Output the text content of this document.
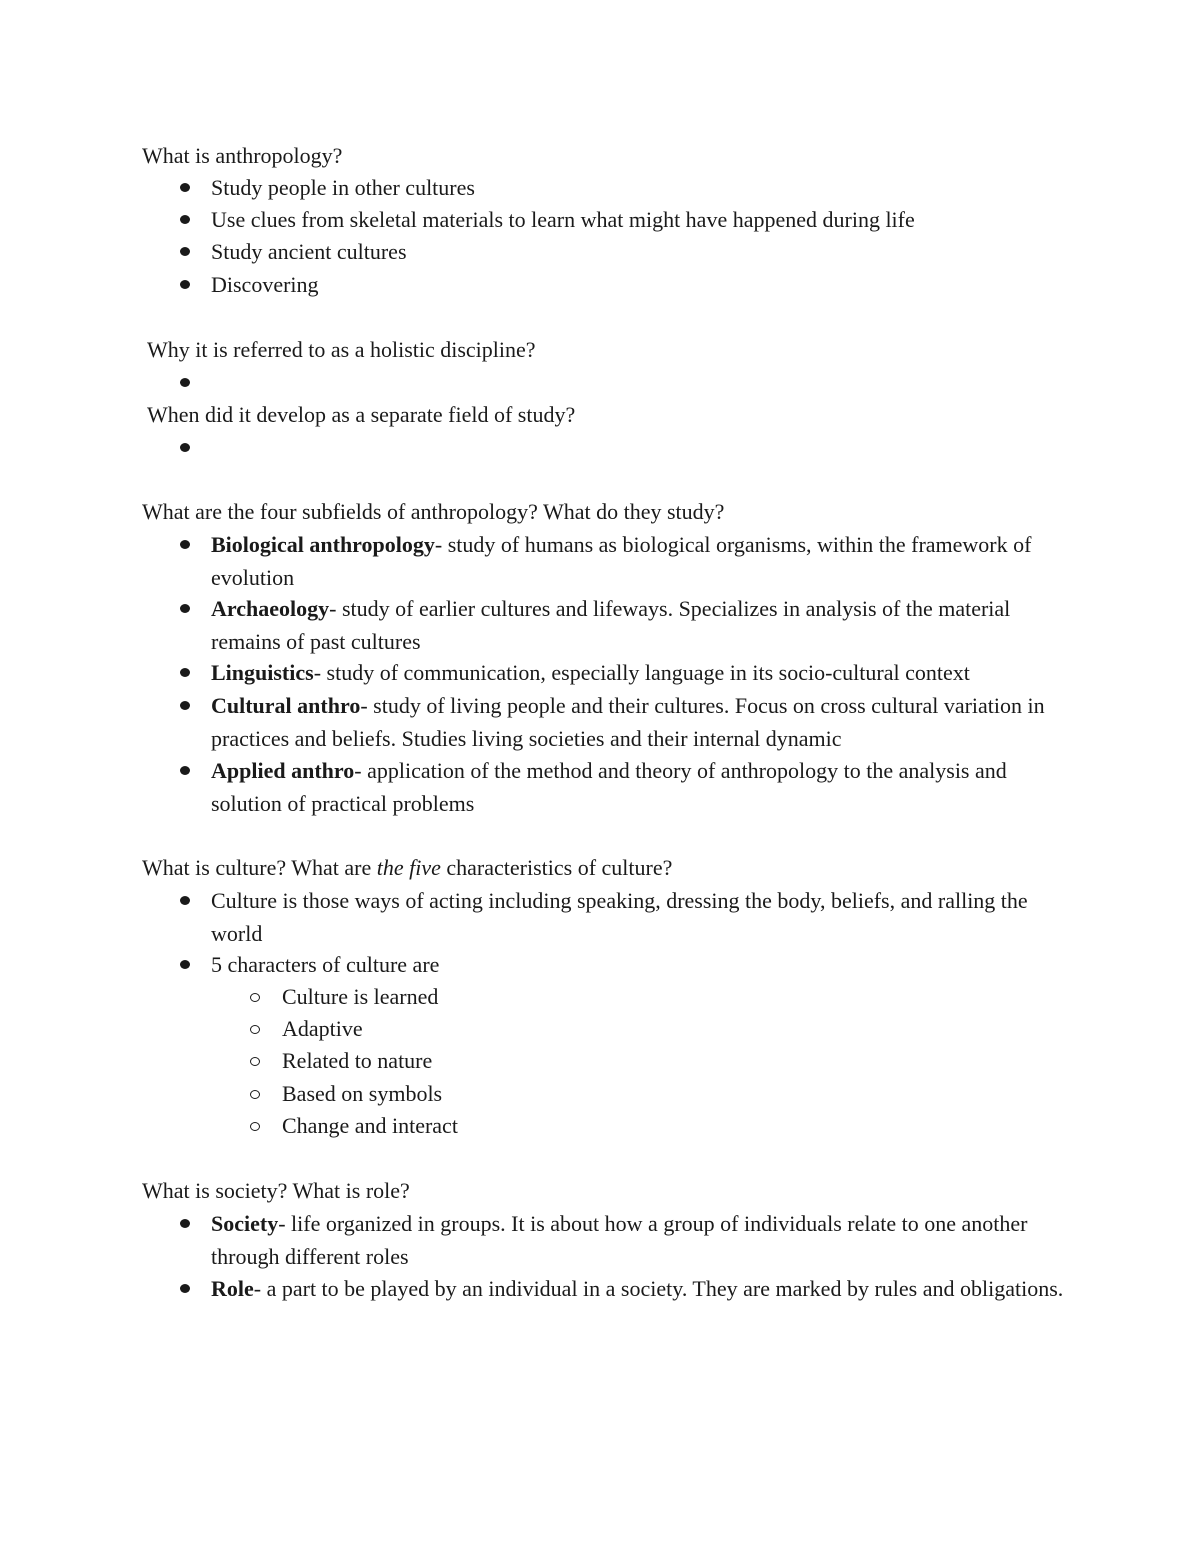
What is anthropology?
Study people in other cultures
Use clues from skeletal materials to learn what might have happened during life
Study ancient cultures
Discovering
Why it is referred to as a holistic discipline?
When did it develop as a separate field of study?
What are the four subfields of anthropology? What do they study?
Biological anthropology- study of humans as biological organisms, within the framework of evolution
Archaeology- study of earlier cultures and lifeways. Specializes in analysis of the material remains of past cultures
Linguistics- study of communication, especially language in its socio-cultural context
Cultural anthro- study of living people and their cultures. Focus on cross cultural variation in practices and beliefs. Studies living societies and their internal dynamic
Applied anthro- application of the method and theory of anthropology to the analysis and solution of practical problems
What is culture? What are the five characteristics of culture?
Culture is those ways of acting including speaking, dressing the body, beliefs, and ralling the world
5 characters of culture are
Culture is learned
Adaptive
Related to nature
Based on symbols
Change and interact
What is society? What is role?
Society- life organized in groups. It is about how a group of individuals relate to one another through different roles
Role- a part to be played by an individual in a society. They are marked by rules and obligations.
